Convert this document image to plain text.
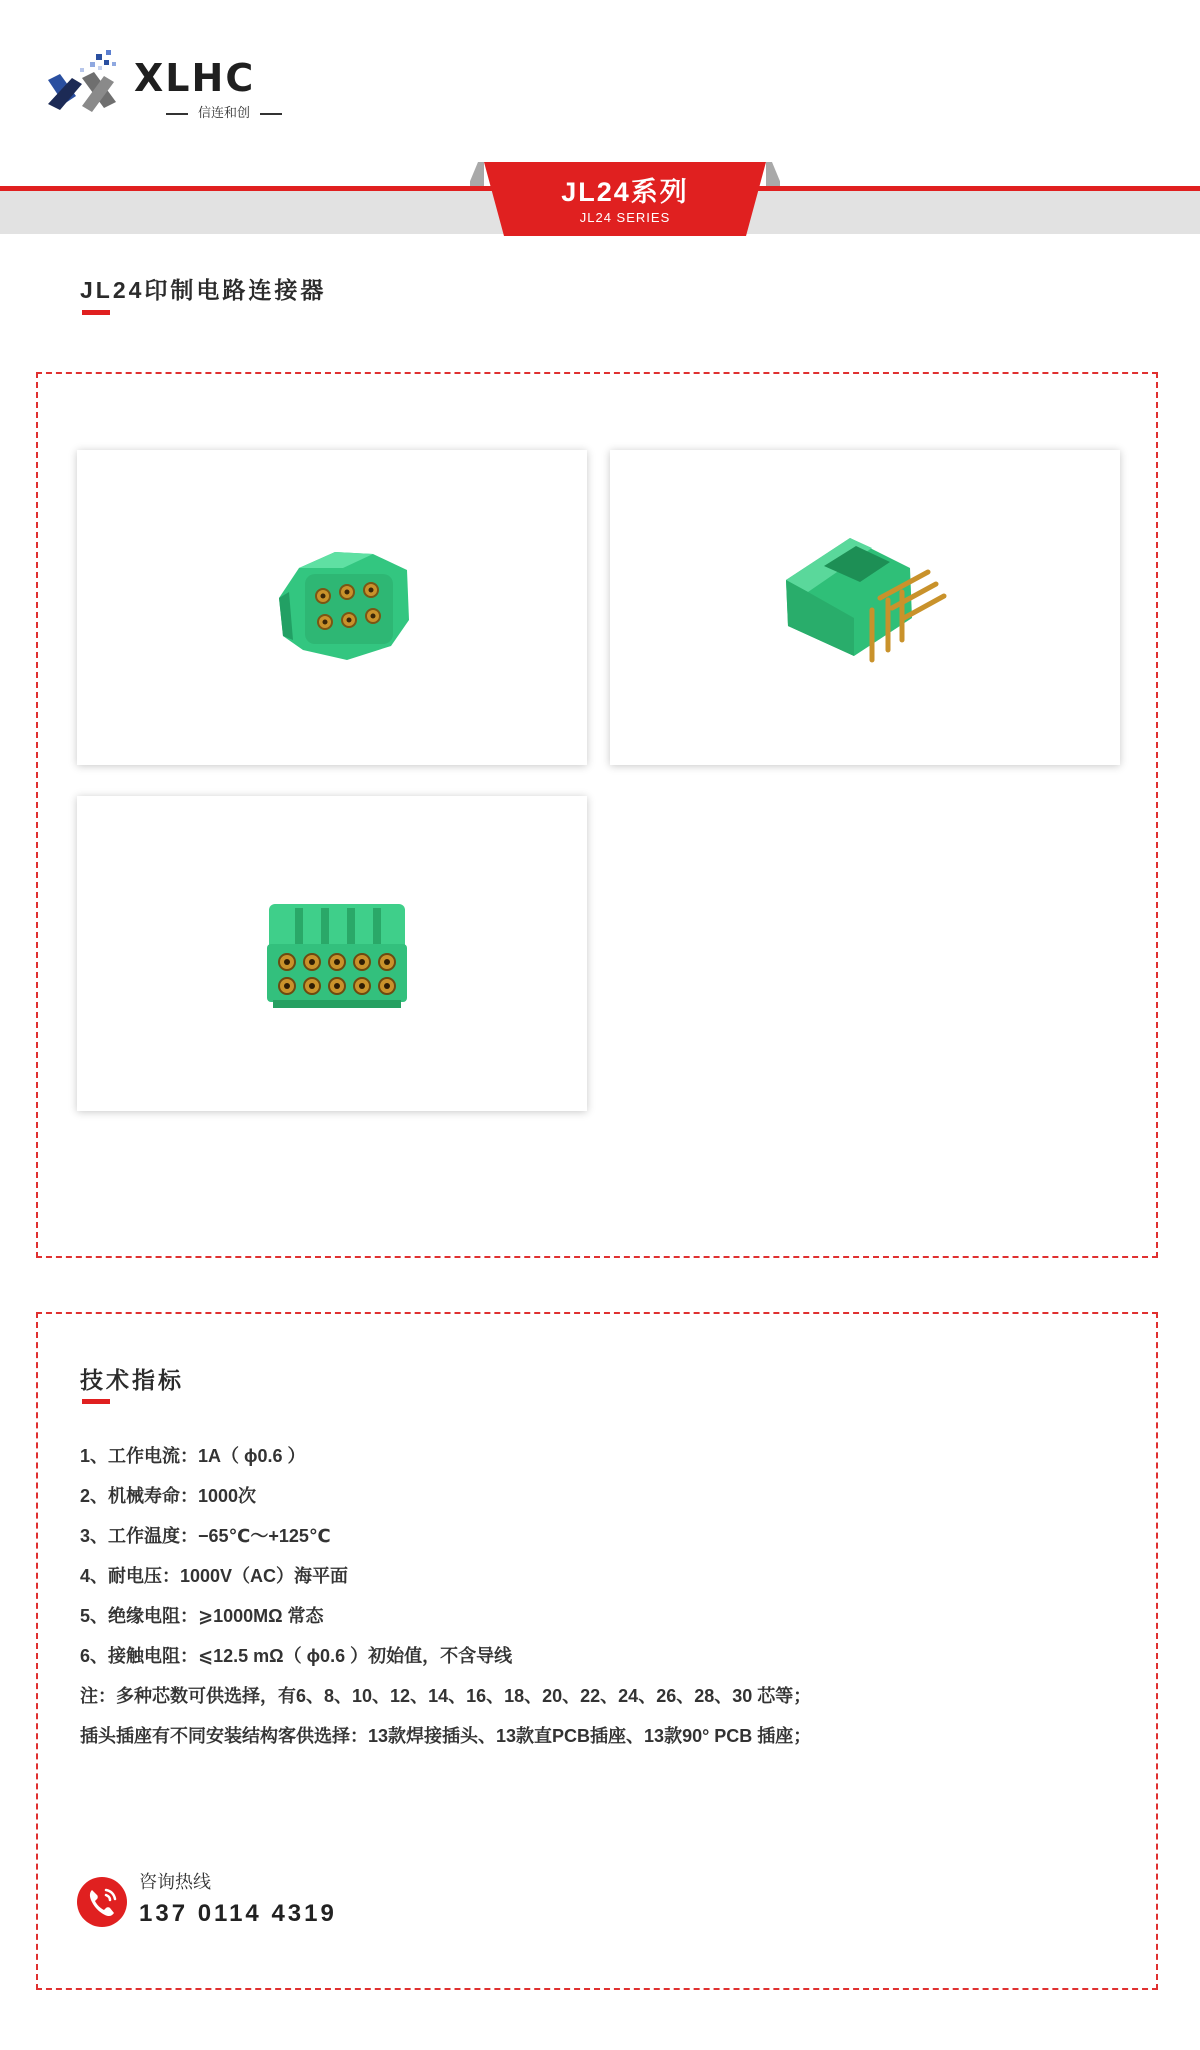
XLHC
信连和创
JL24系列
JL24 SERIES
JL24印制电路连接器
技术指标
1、工作电流：1A（ ϕ0.6 ）
2、机械寿命：1000次
3、工作温度：−65℃～+125℃
4、耐电压：1000V（AC）海平面
5、绝缘电阻：⩾1000MΩ 常态
6、接触电阻：⩽12.5 mΩ（ ϕ0.6 ）初始值，不含导线
注：多种芯数可供选择，有6、8、10、12、14、16、18、20、22、24、26、28、30 芯等；
插头插座有不同安装结构客供选择：13款焊接插头、13款直PCB插座、13款90° PCB 插座；
咨询热线
137 0114 4319
